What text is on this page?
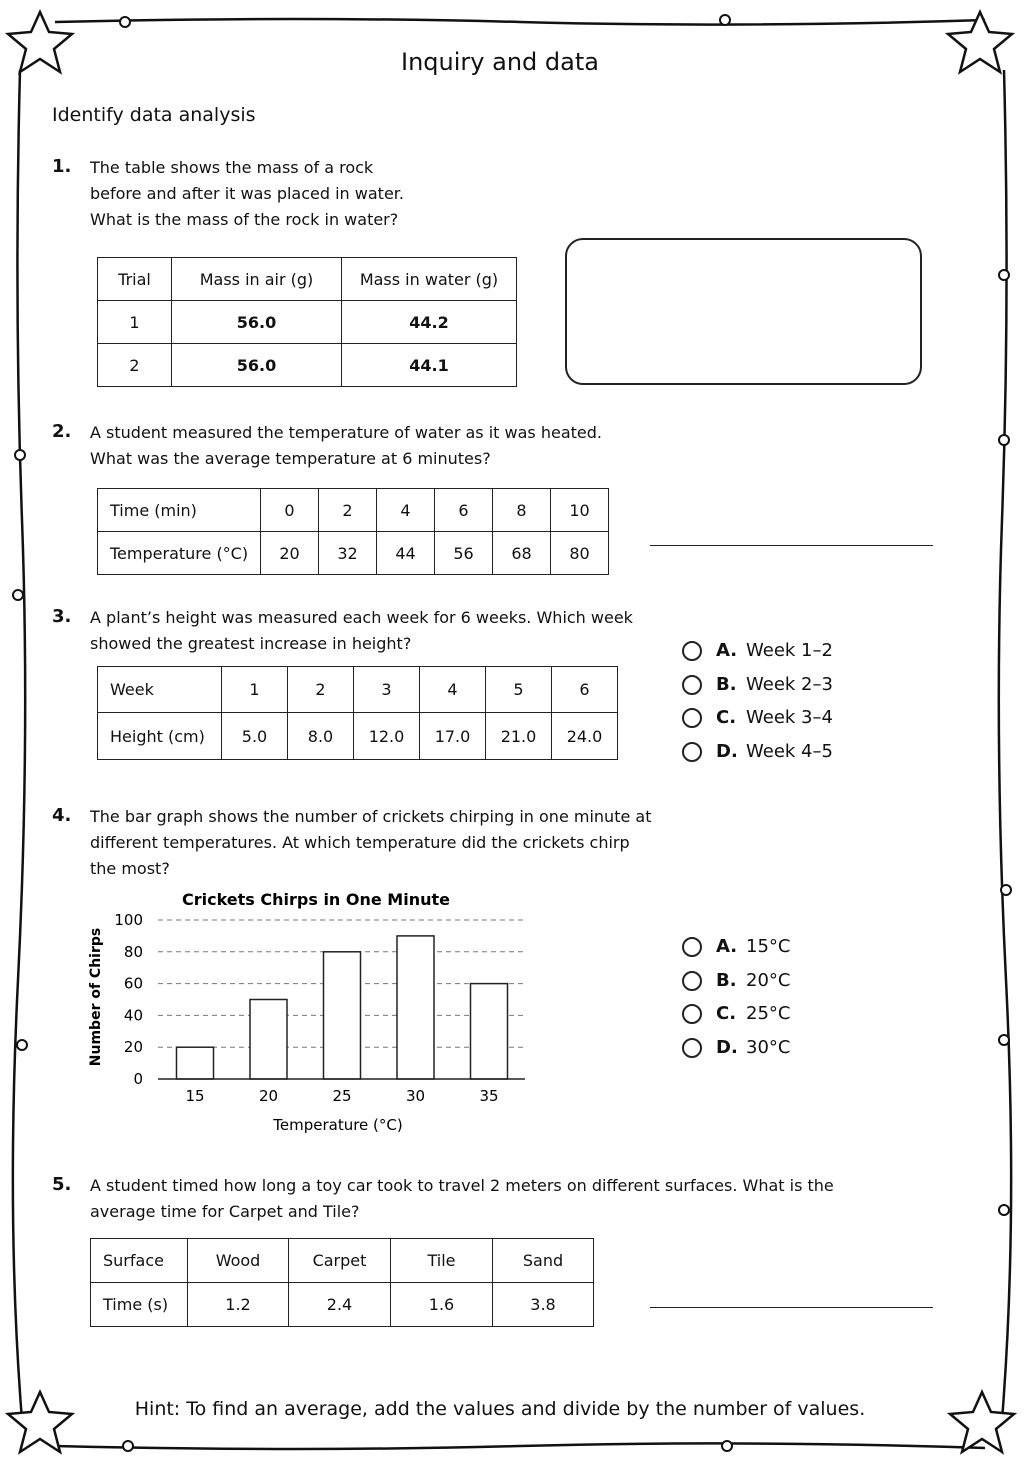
Inquiry and data
Identify data analysis
1. The table shows the mass of a rock
before and after it was placed in water.
What is the mass of the rock in water?
Trial	Mass in air (g)	Mass in water (g)
1	56.0	44.2
2	56.0	44.1
2. A student measured the temperature of water as it was heated.
What was the average temperature at 6 minutes?
Time (min)	0	2	4	6	8	10
Temperature (°C)	20	32	44	56	68	80
3. A plant’s height was measured each week for 6 weeks. Which week
showed the greatest increase in height?
Week	1	2	3	4	5	6
Height (cm)	5.0	8.0	12.0	17.0	21.0	24.0
A. Week 1–2
B. Week 2–3
C. Week 3–4
D. Week 4–5
4. The bar graph shows the number of crickets chirping in one minute at
different temperatures. At which temperature did the crickets chirp
the most?
Crickets Chirps in One Minute
Number of Chirps
Temperature (°C)
0
20
40
60
80
100
15	20	25	30	35
A. 15°C
B. 20°C
C. 25°C
D. 30°C
5. A student timed how long a toy car took to travel 2 meters on different surfaces. What is the
average time for Carpet and Tile?
Surface	Wood	Carpet	Tile	Sand
Time (s)	1.2	2.4	1.6	3.8
Hint: To find an average, add the values and divide by the number of values.
